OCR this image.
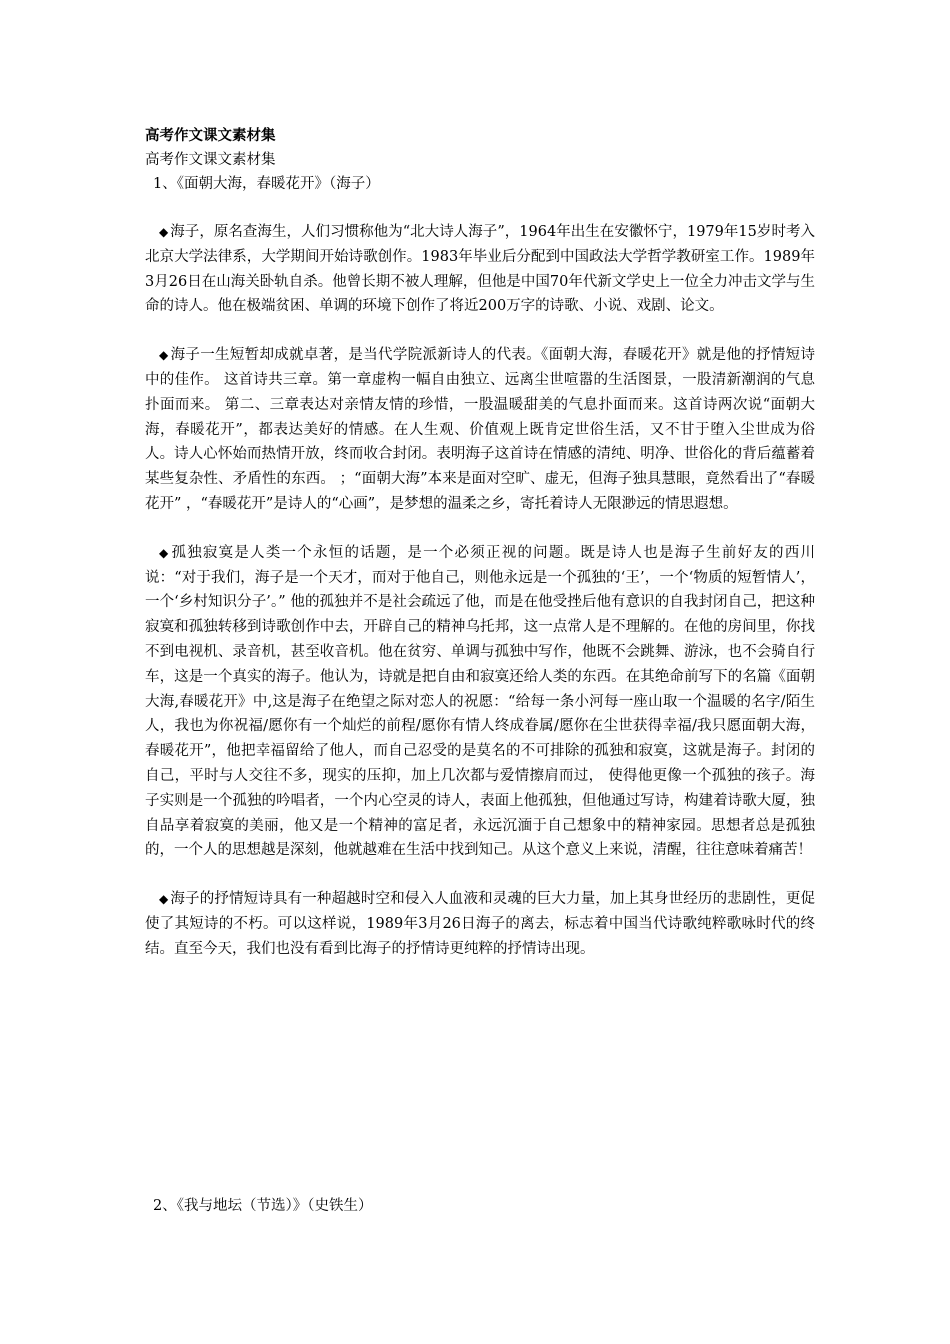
高考作文课文素材集
高考作文课文素材集
1、《面朝大海，春暖花开》（海子）
◆ 海子，原名查海生，人们习惯称他为“北大诗人海子”，1964年出生在安徽怀宁，1979年15岁时考入北京大学法律系，大学期间开始诗歌创作。1983年毕业后分配到中国政法大学哲学教研室工作。1989年3月26日在山海关卧轨自杀。他曾长期不被人理解，但他是中国70年代新文学史上一位全力冲击文学与生命的诗人。他在极端贫困、单调的环境下创作了将近200万字的诗歌、小说、戏剧、论文。
◆ 海子一生短暂却成就卓著，是当代学院派新诗人的代表。《面朝大海，春暖花开》就是他的抒情短诗中的佳作。 这首诗共三章。第一章虚构一幅自由独立、远离尘世喧嚣的生活图景，一股清新潮润的气息扑面而来。 第二、三章表达对亲情友情的珍惜，一股温暖甜美的气息扑面而来。这首诗两次说“面朝大海，春暖花开”，都表达美好的情感。在人生观、价值观上既肯定世俗生活，又不甘于堕入尘世成为俗人。诗人心怀始而热情开放，终而收合封闭。表明海子这首诗在情感的清纯、明净、世俗化的背后蕴蓄着某些复杂性、矛盾性的东西。 ；“面朝大海”本来是面对空旷、虚无，但海子独具慧眼，竟然看出了“春暖花开” ，“春暖花开”是诗人的“心画”，是梦想的温柔之乡，寄托着诗人无限渺远的情思遐想。
◆ 孤独寂寞是人类一个永恒的话题，是一个必须正视的问题。既是诗人也是海子生前好友的西川说：“对于我们，海子是一个天才，而对于他自己，则他永远是一个孤独的‘王’，一个‘物质的短暂情人’，一个‘乡村知识分子’。” 他的孤独并不是社会疏远了他，而是在他受挫后他有意识的自我封闭自己，把这种寂寞和孤独转移到诗歌创作中去，开辟自己的精神乌托邦，这一点常人是不理解的。在他的房间里，你找不到电视机、录音机，甚至收音机。他在贫穷、单调与孤独中写作，他既不会跳舞、游泳，也不会骑自行车，这是一个真实的海子。他认为，诗就是把自由和寂寞还给人类的东西。在其绝命前写下的名篇《面朝大海,春暖花开》中,这是海子在绝望之际对恋人的祝愿：“给每一条小河每一座山取一个温暖的名字/陌生人，我也为你祝福/愿你有一个灿烂的前程/愿你有情人终成眷属/愿你在尘世获得幸福/我只愿面朝大海，春暖花开”，他把幸福留给了他人，而自己忍受的是莫名的不可排除的孤独和寂寞，这就是海子。封闭的自己，平时与人交往不多，现实的压抑，加上几次都与爱情擦肩而过， 使得他更像一个孤独的孩子。海子实则是一个孤独的吟唱者，一个内心空灵的诗人，表面上他孤独，但他通过写诗，构建着诗歌大厦，独自品享着寂寞的美丽，他又是一个精神的富足者，永远沉湎于自己想象中的精神家园。思想者总是孤独的，一个人的思想越是深刻，他就越难在生活中找到知己。从这个意义上来说，清醒，往往意味着痛苦！
◆ 海子的抒情短诗具有一种超越时空和侵入人血液和灵魂的巨大力量，加上其身世经历的悲剧性，更促使了其短诗的不朽。可以这样说，1989年3月26日海子的离去，标志着中国当代诗歌纯粹歌咏时代的终结。直至今天，我们也没有看到比海子的抒情诗更纯粹的抒情诗出现。
2、《我与地坛（节选）》（史铁生）
